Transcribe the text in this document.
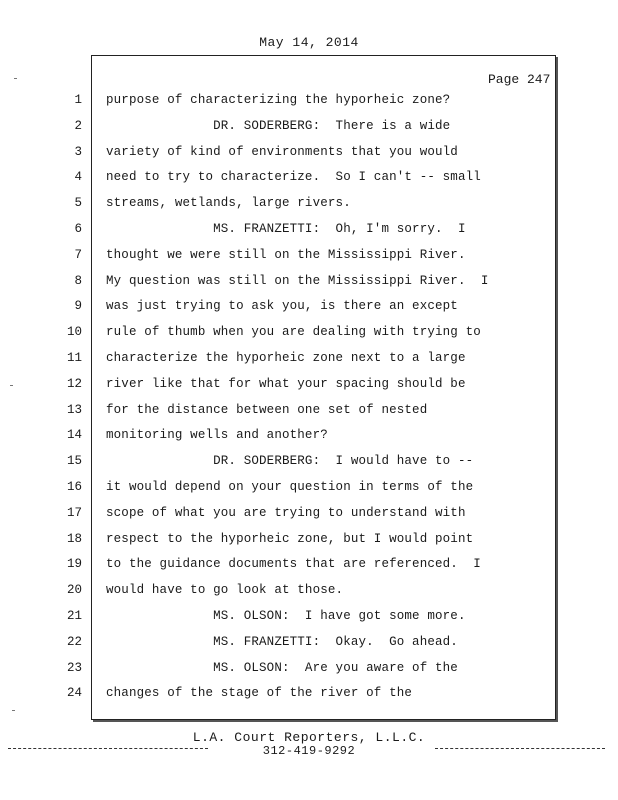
May 14, 2014
Page 247
1 purpose of characterizing the hyporheic zone?
2 DR. SODERBERG:  There is a wide
3 variety of kind of environments that you would
4 need to try to characterize.  So I can't -- small
5 streams, wetlands, large rivers.
6 MS. FRANZETTI:  Oh, I'm sorry.  I
7 thought we were still on the Mississippi River.
8 My question was still on the Mississippi River.  I
9 was just trying to ask you, is there an except
10 rule of thumb when you are dealing with trying to
11 characterize the hyporheic zone next to a large
12 river like that for what your spacing should be
13 for the distance between one set of nested
14 monitoring wells and another?
15 DR. SODERBERG:  I would have to --
16 it would depend on your question in terms of the
17 scope of what you are trying to understand with
18 respect to the hyporheic zone, but I would point
19 to the guidance documents that are referenced.  I
20 would have to go look at those.
21 MS. OLSON:  I have got some more.
22 MS. FRANZETTI:  Okay.  Go ahead.
23 MS. OLSON:  Are you aware of the
24 changes of the stage of the river of the
L.A. Court Reporters, L.L.C.
312-419-9292
